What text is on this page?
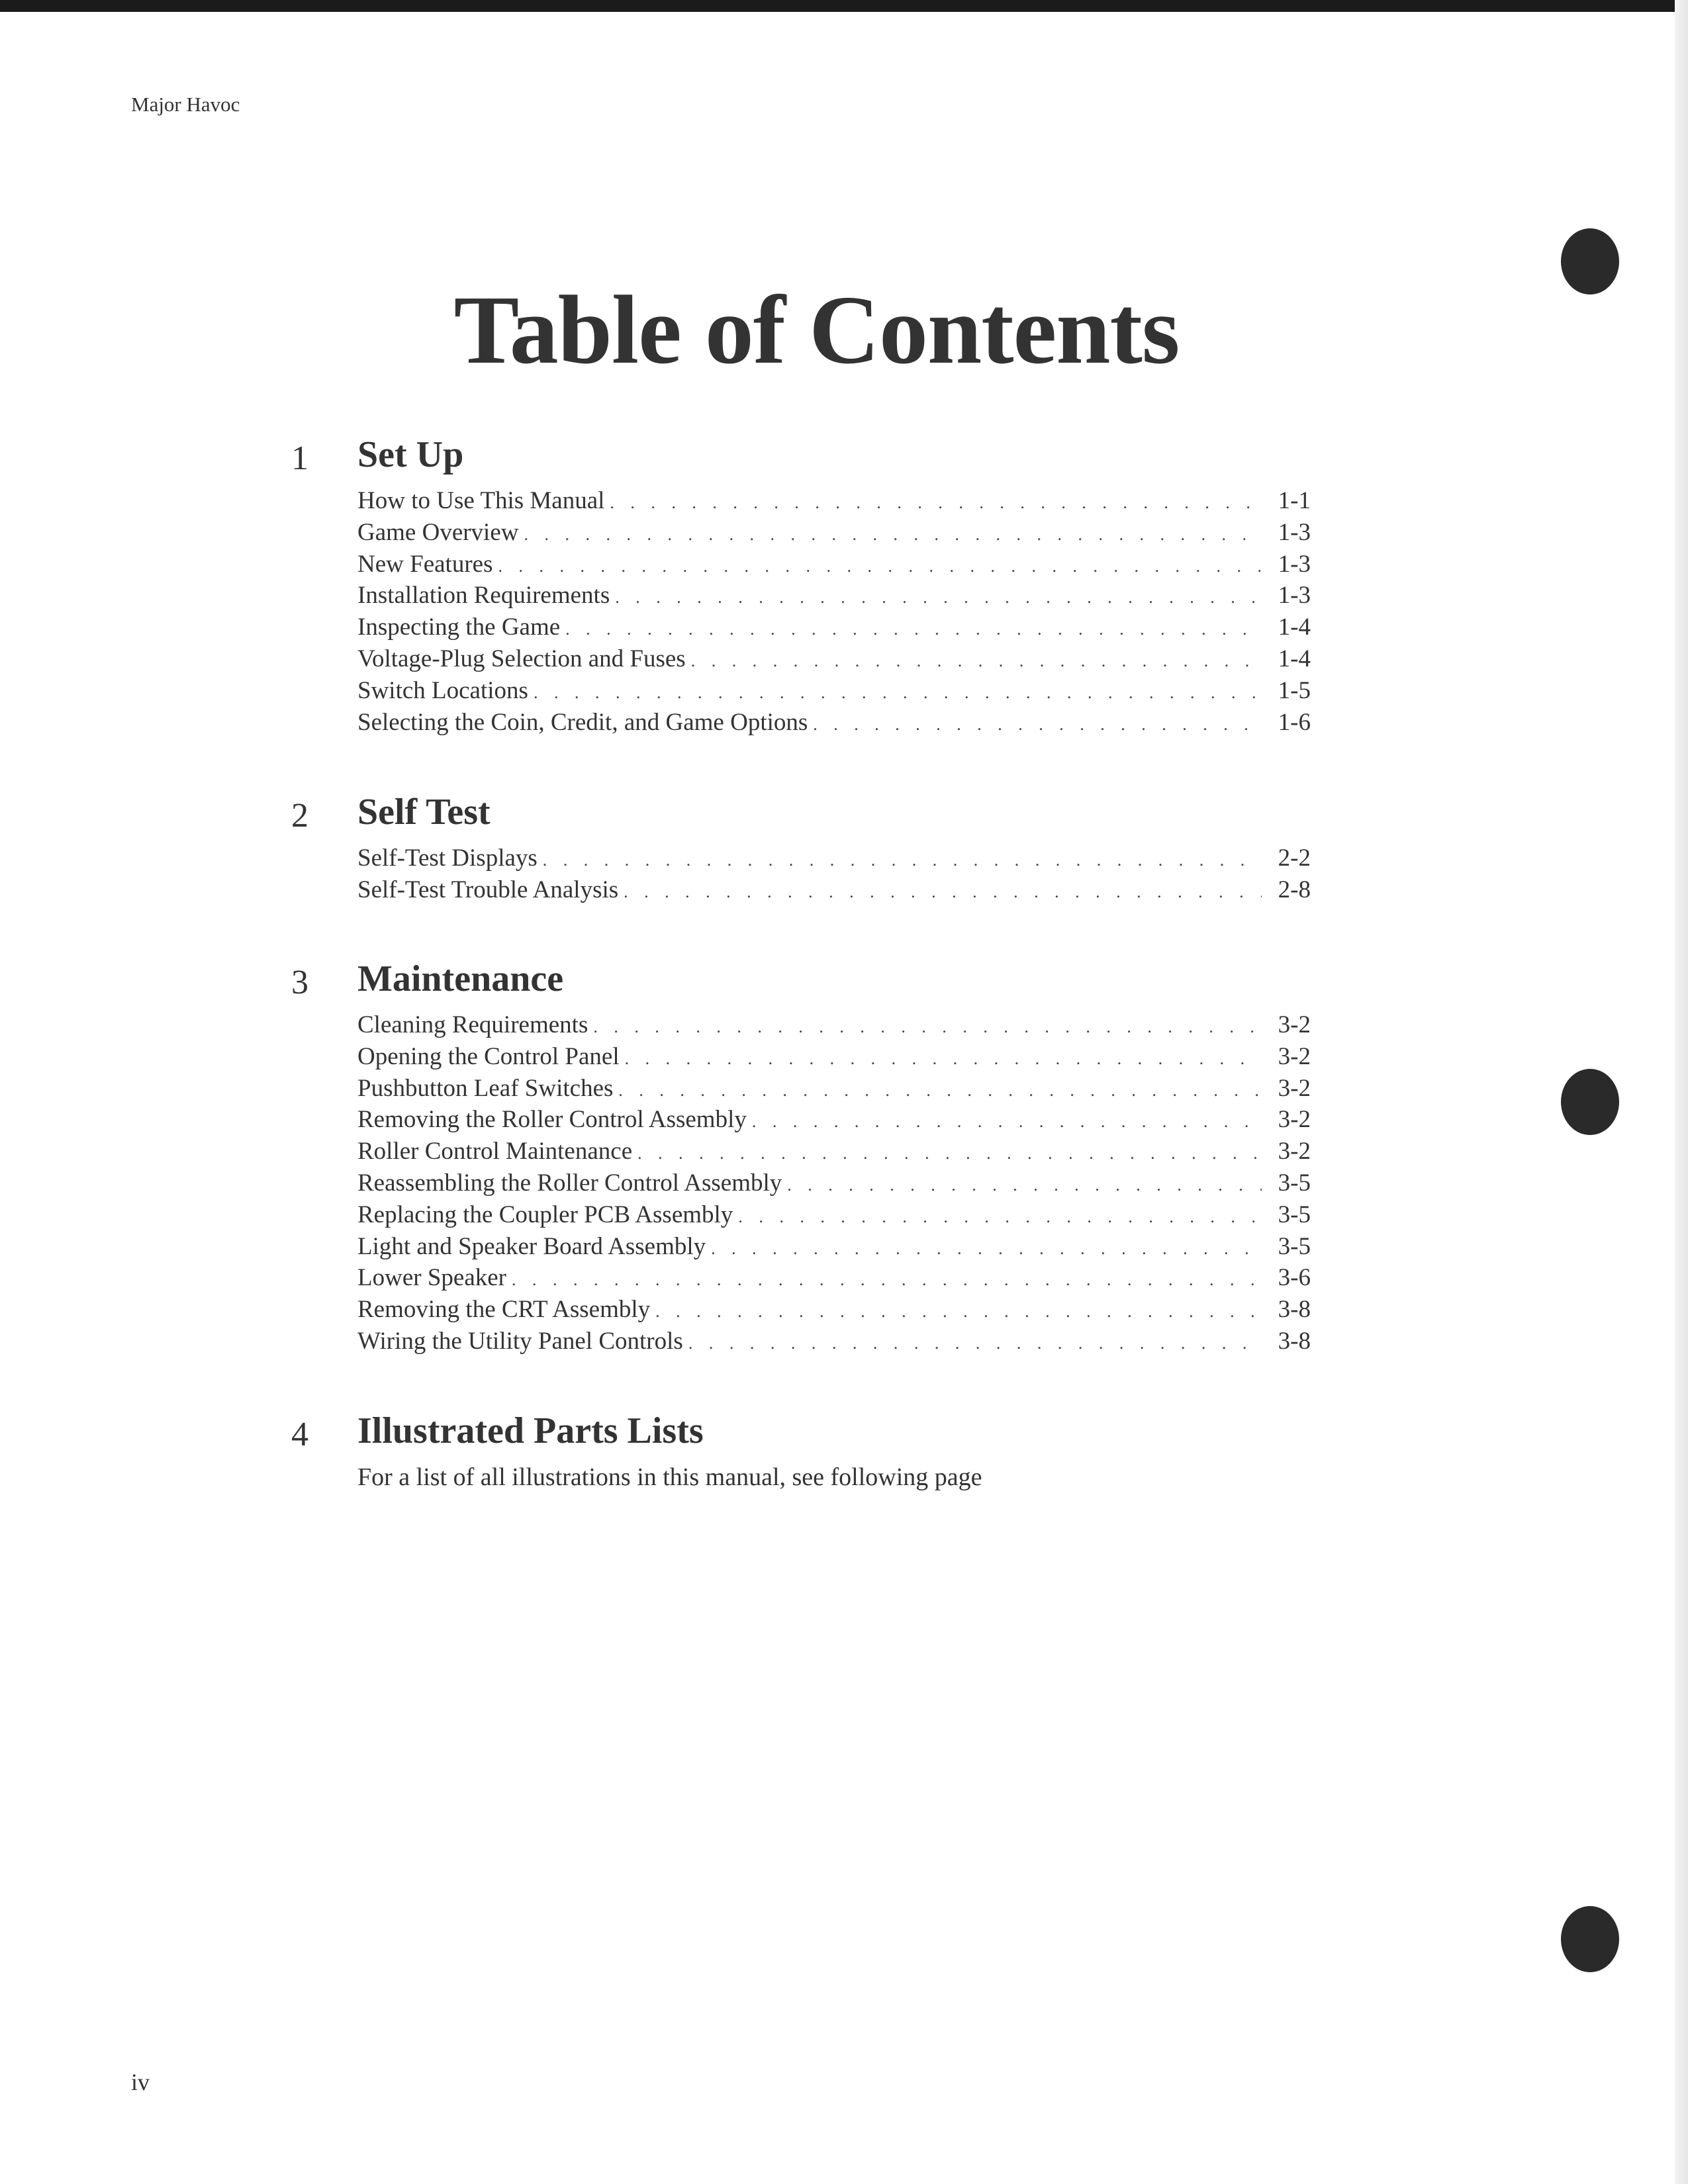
Major Havoc
Table of Contents
1 Set Up
How to Use This Manual . . .	1-1
Game Overview . . .	1-3
New Features . . .	1-3
Installation Requirements . . .	1-3
Inspecting the Game . . .	1-4
Voltage-Plug Selection and Fuses . . .	1-4
Switch Locations . . .	1-5
Selecting the Coin, Credit, and Game Options . . .	1-6
2 Self Test
Self-Test Displays . . .	2-2
Self-Test Trouble Analysis . . .	2-8
3 Maintenance
Cleaning Requirements . . .	3-2
Opening the Control Panel . . .	3-2
Pushbutton Leaf Switches . . .	3-2
Removing the Roller Control Assembly . . .	3-2
Roller Control Maintenance . . .	3-2
Reassembling the Roller Control Assembly . . .	3-5
Replacing the Coupler PCB Assembly . . .	3-5
Light and Speaker Board Assembly . . .	3-5
Lower Speaker . . .	3-6
Removing the CRT Assembly . . .	3-8
Wiring the Utility Panel Controls . . .	3-8
4 Illustrated Parts Lists
For a list of all illustrations in this manual, see following page
iv
